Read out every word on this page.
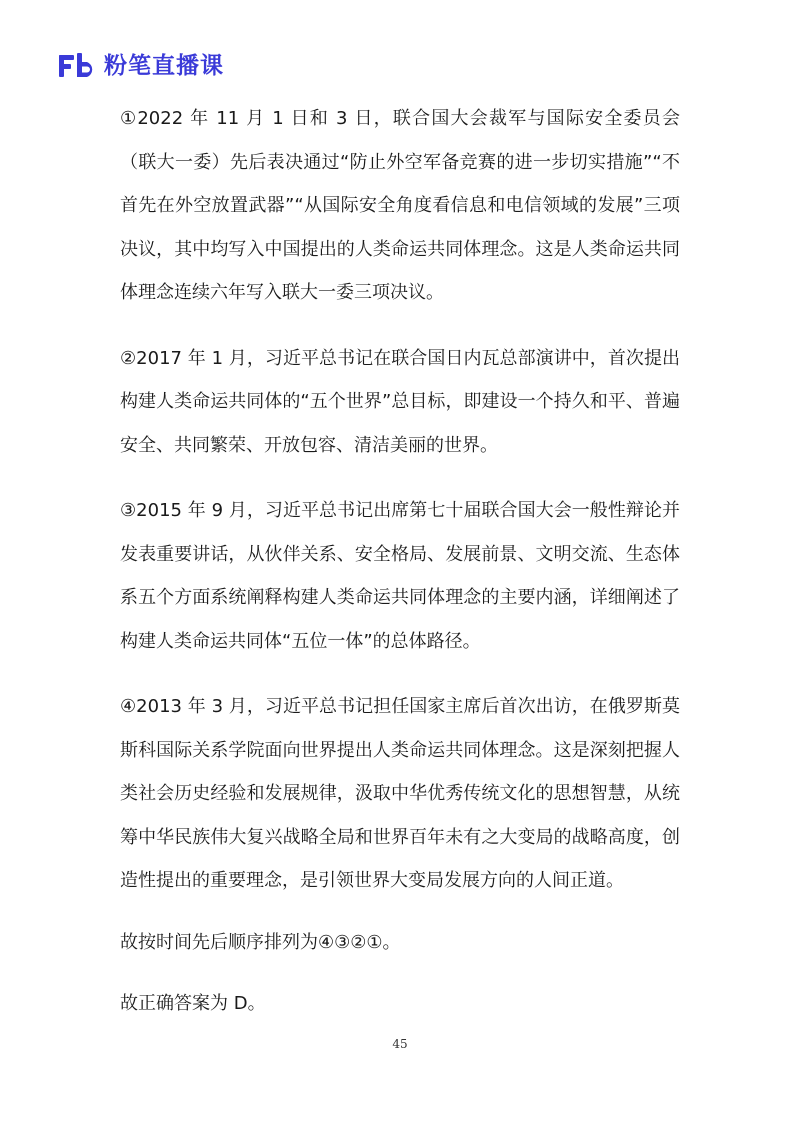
粉笔直播课

①2022 年 11 月 1 日和 3 日，联合国大会裁军与国际安全委员会（联大一委）先后表决通过“防止外空军备竞赛的进一步切实措施”“不首先在外空放置武器”“从国际安全角度看信息和电信领域的发展”三项决议，其中均写入中国提出的人类命运共同体理念。这是人类命运共同体理念连续六年写入联大一委三项决议。

②2017 年 1 月，习近平总书记在联合国日内瓦总部演讲中，首次提出构建人类命运共同体的“五个世界”总目标，即建设一个持久和平、普遍安全、共同繁荣、开放包容、清洁美丽的世界。

③2015 年 9 月，习近平总书记出席第七十届联合国大会一般性辩论并发表重要讲话，从伙伴关系、安全格局、发展前景、文明交流、生态体系五个方面系统阐释构建人类命运共同体理念的主要内涵，详细阐述了构建人类命运共同体“五位一体”的总体路径。

④2013 年 3 月，习近平总书记担任国家主席后首次出访，在俄罗斯莫斯科国际关系学院面向世界提出人类命运共同体理念。这是深刻把握人类社会历史经验和发展规律，汲取中华优秀传统文化的思想智慧，从统筹中华民族伟大复兴战略全局和世界百年未有之大变局的战略高度，创造性提出的重要理念，是引领世界大变局发展方向的人间正道。

故按时间先后顺序排列为④③②①。

故正确答案为 D。

45
